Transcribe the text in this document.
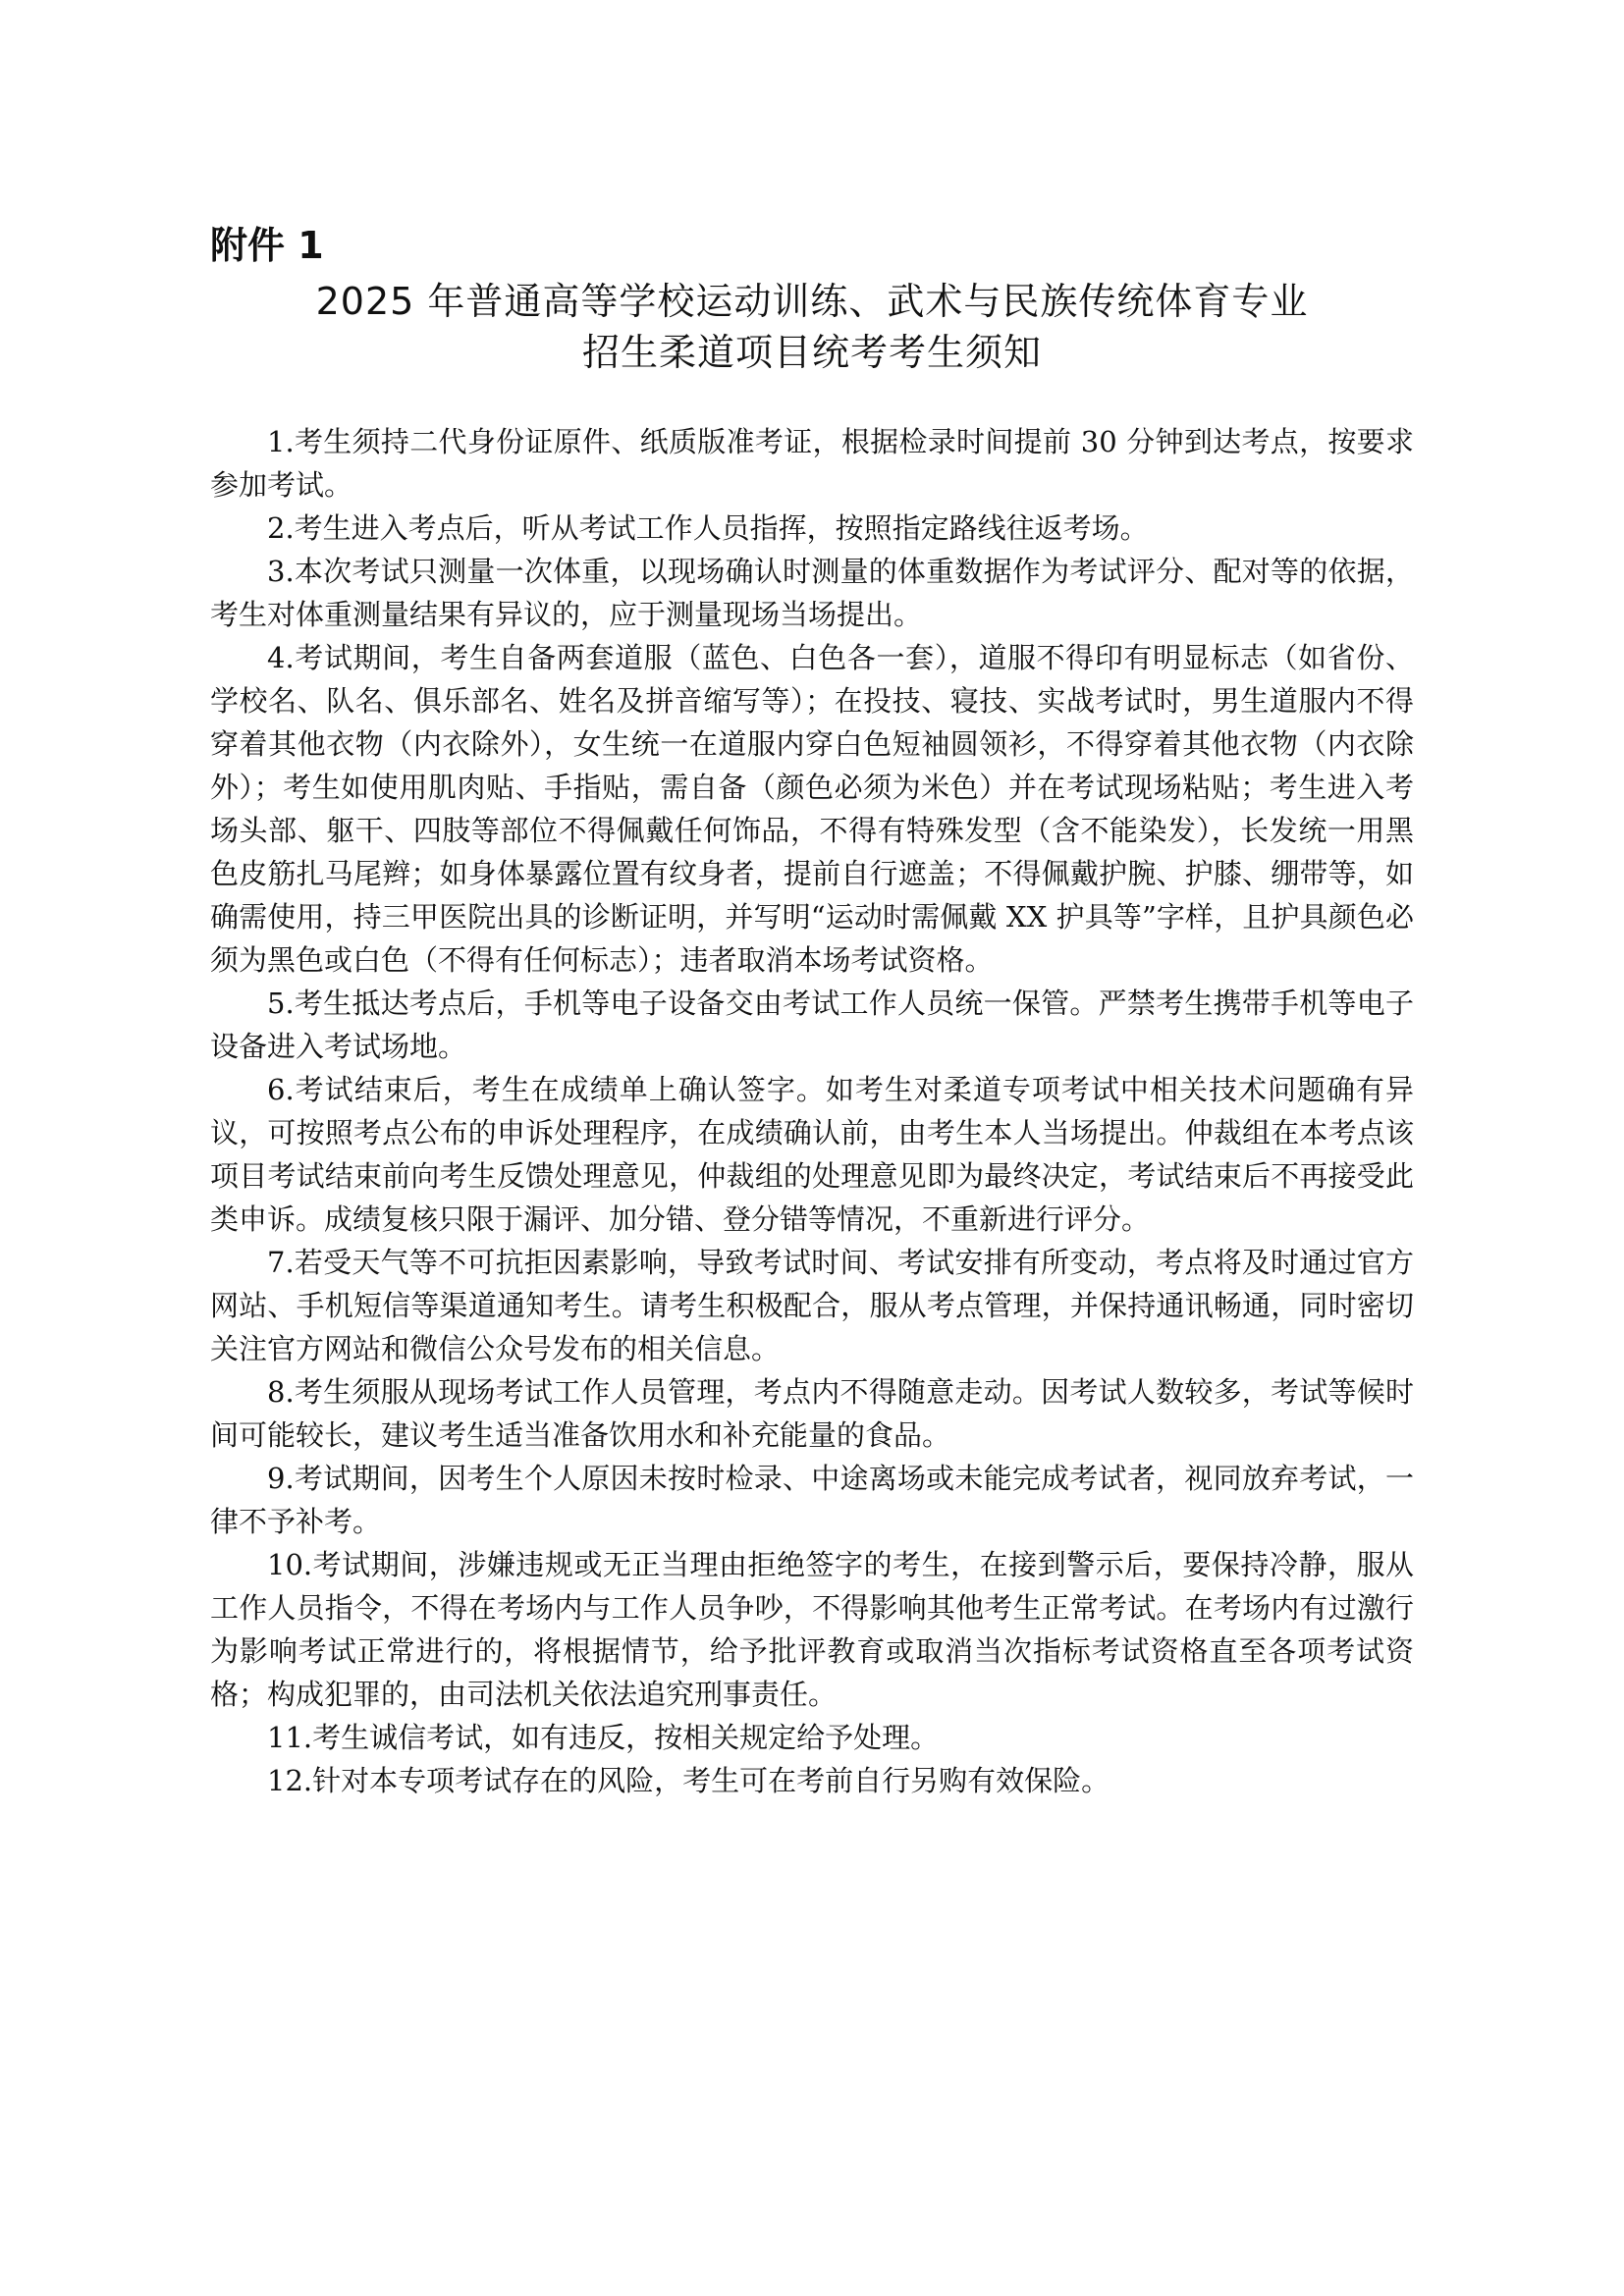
附件 1
2025 年普通高等学校运动训练、武术与民族传统体育专业
招生柔道项目统考考生须知

1.考生须持二代身份证原件、纸质版准考证，根据检录时间提前 30 分钟到达考点，按要求参加考试。

2.考生进入考点后，听从考试工作人员指挥，按照指定路线往返考场。

3.本次考试只测量一次体重，以现场确认时测量的体重数据作为考试评分、配对等的依据，考生对体重测量结果有异议的，应于测量现场当场提出。

4.考试期间，考生自备两套道服（蓝色、白色各一套），道服不得印有明显标志（如省份、学校名、队名、俱乐部名、姓名及拼音缩写等）；在投技、寝技、实战考试时，男生道服内不得穿着其他衣物（内衣除外），女生统一在道服内穿白色短袖圆领衫，不得穿着其他衣物（内衣除外）；考生如使用肌肉贴、手指贴，需自备（颜色必须为米色）并在考试现场粘贴；考生进入考场头部、躯干、四肢等部位不得佩戴任何饰品，不得有特殊发型（含不能染发），长发统一用黑色皮筋扎马尾辫；如身体暴露位置有纹身者，提前自行遮盖；不得佩戴护腕、护膝、绷带等，如确需使用，持三甲医院出具的诊断证明，并写明“运动时需佩戴 XX 护具等”字样，且护具颜色必须为黑色或白色（不得有任何标志）；违者取消本场考试资格。

5.考生抵达考点后，手机等电子设备交由考试工作人员统一保管。严禁考生携带手机等电子设备进入考试场地。

6.考试结束后，考生在成绩单上确认签字。如考生对柔道专项考试中相关技术问题确有异议，可按照考点公布的申诉处理程序，在成绩确认前，由考生本人当场提出。仲裁组在本考点该项目考试结束前向考生反馈处理意见，仲裁组的处理意见即为最终决定，考试结束后不再接受此类申诉。成绩复核只限于漏评、加分错、登分错等情况，不重新进行评分。

7.若受天气等不可抗拒因素影响，导致考试时间、考试安排有所变动，考点将及时通过官方网站、手机短信等渠道通知考生。请考生积极配合，服从考点管理，并保持通讯畅通，同时密切关注官方网站和微信公众号发布的相关信息。

8.考生须服从现场考试工作人员管理，考点内不得随意走动。因考试人数较多，考试等候时间可能较长，建议考生适当准备饮用水和补充能量的食品。

9.考试期间，因考生个人原因未按时检录、中途离场或未能完成考试者，视同放弃考试，一律不予补考。

10.考试期间，涉嫌违规或无正当理由拒绝签字的考生，在接到警示后，要保持冷静，服从工作人员指令，不得在考场内与工作人员争吵，不得影响其他考生正常考试。在考场内有过激行为影响考试正常进行的，将根据情节，给予批评教育或取消当次指标考试资格直至各项考试资格；构成犯罪的，由司法机关依法追究刑事责任。

11.考生诚信考试，如有违反，按相关规定给予处理。

12.针对本专项考试存在的风险，考生可在考前自行另购有效保险。
